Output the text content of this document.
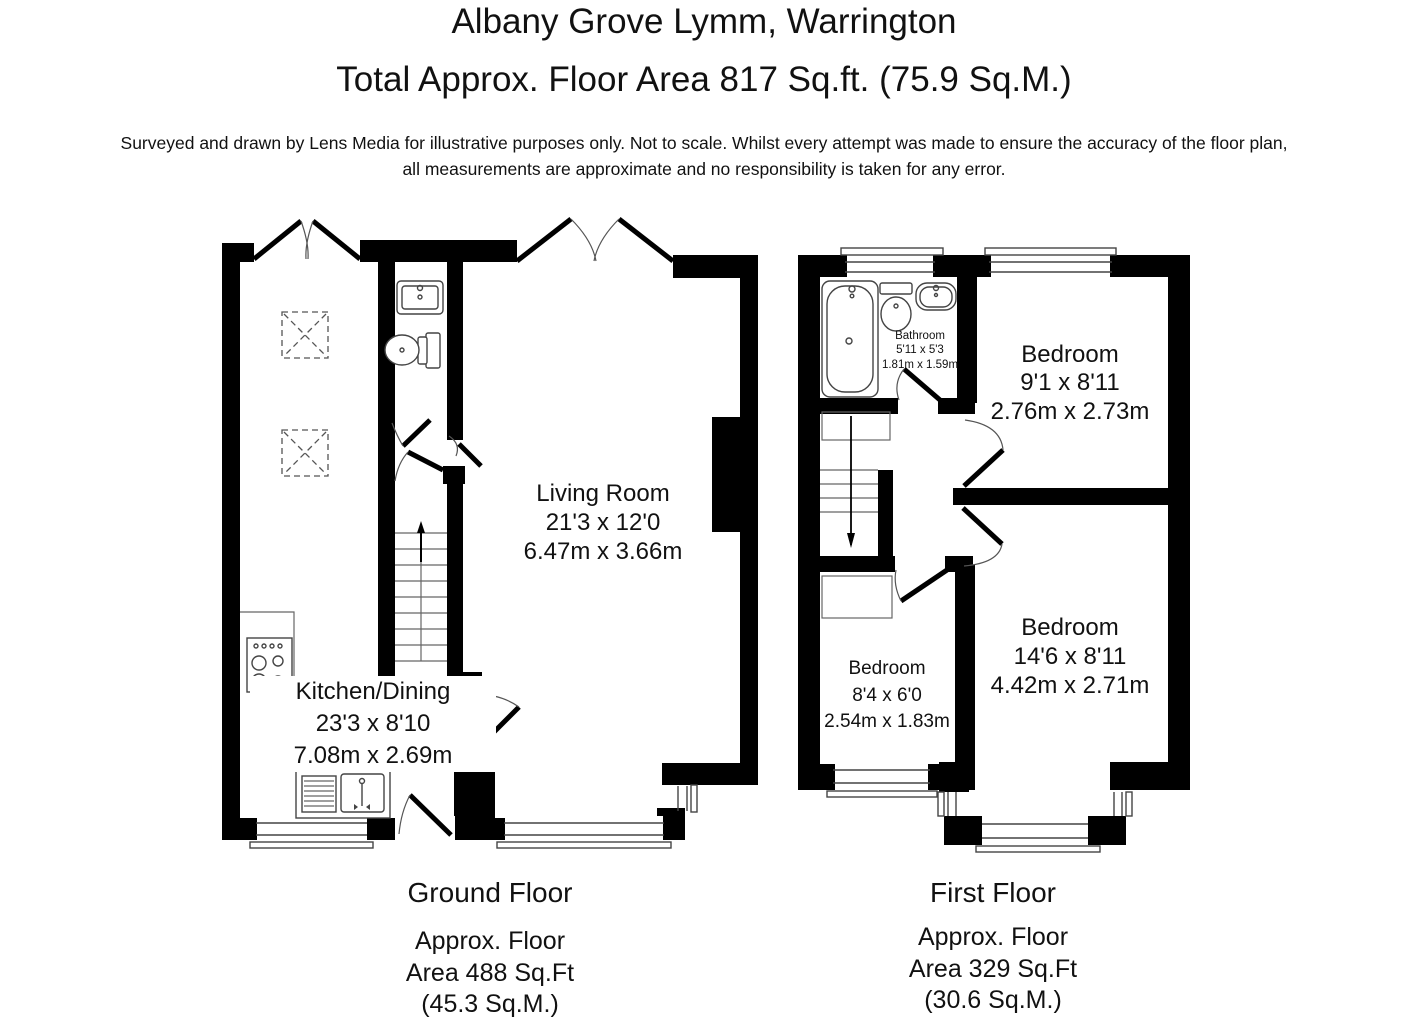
Albany Grove Lymm, Warrington
Total Approx. Floor Area 817 Sq.ft. (75.9 Sq.M.)
Surveyed and drawn by Lens Media for illustrative purposes only. Not to scale. Whilst every attempt was made to ensure the accuracy of the floor plan,
all measurements are approximate and no responsibility is taken for any error.
Living Room
21'3 x 12'0
6.47m x 3.66m
Kitchen/Dining
23'3 x 8'10
7.08m x 2.69m
Bathroom
5'11 x 5'3
1.81m x 1.59m	Bedroom
9'1 x 8'11
2.76m x 2.73m
Bedroom
8'4 x 6'0
2.54m x 1.83m
Bedroom
14'6 x 8'11
4.42m x 2.71m
Ground Floor
Approx. Floor
Area 488 Sq.Ft
(45.3 Sq.M.)
First Floor
Approx. Floor
Area 329 Sq.Ft
(30.6 Sq.M.)
